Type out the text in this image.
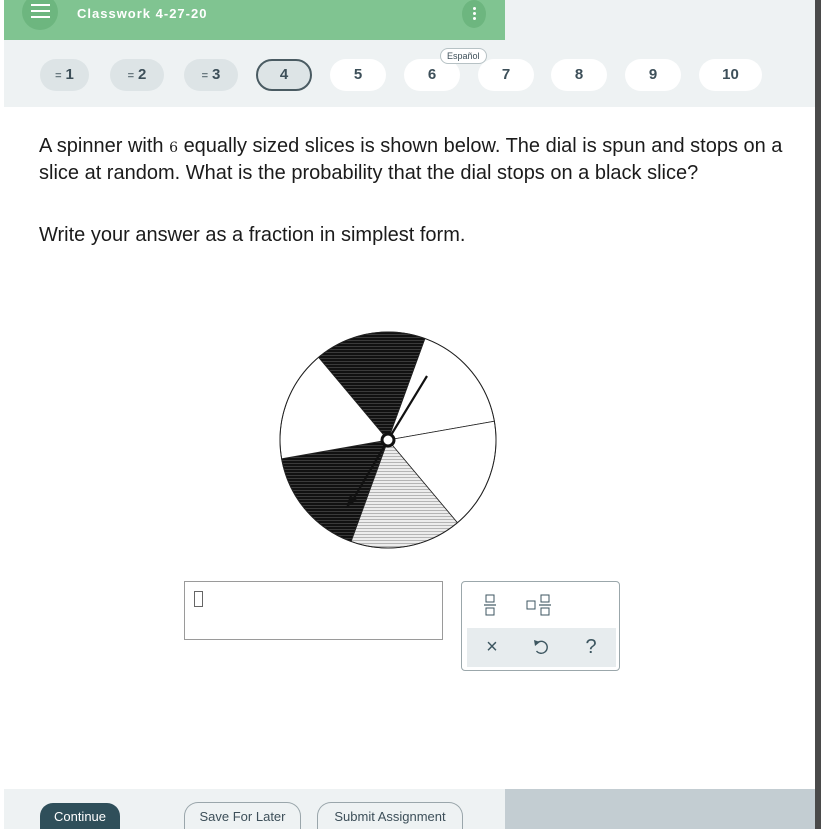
Classwork 4-27-20
= 1	= 2	= 3	4	5	6
Español
7	8	9	10
A spinner with 6 equally sized slices is shown below. The dial is spun and stops on a slice at random. What is the probability that the dial stops on a black slice?
Write your answer as a fraction in simplest form.
×	?
Continue	Save For Later	Submit Assignment
